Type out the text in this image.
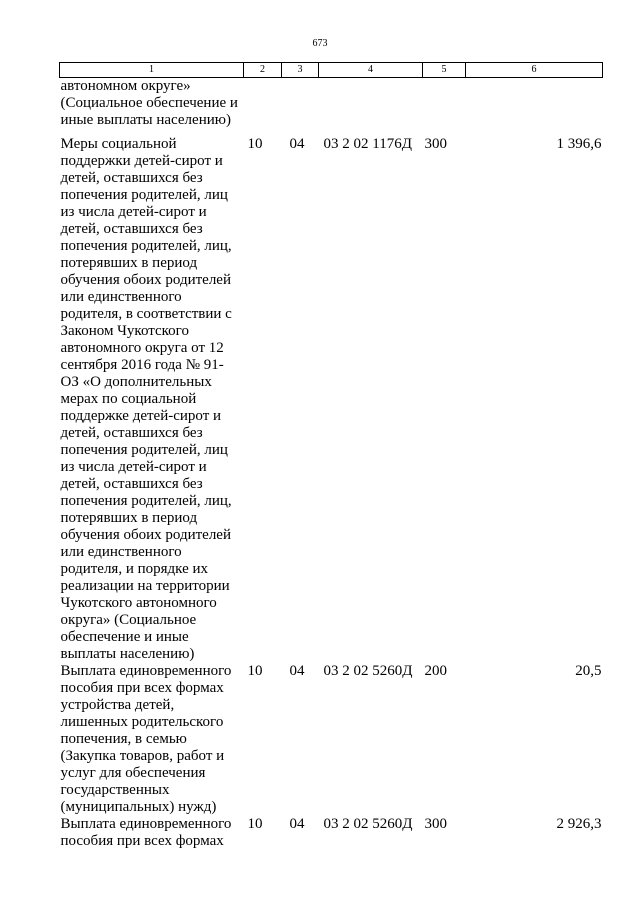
673
1	2	3	4	5	6
автономном округе» (Социальное обеспечение и иные выплаты населению)					
Меры социальной поддержки детей-сирот и детей, оставшихся без попечения родителей, лиц из числа детей-сирот и детей, оставшихся без попечения родителей, лиц, потерявших в период обучения обоих родителей или единственного родителя, в соответствии с Законом Чукотского автономного округа от 12 сентября 2016 года № 91-ОЗ «О дополнительных мерах по социальной поддержке детей-сирот и детей, оставшихся без попечения родителей, лиц из числа детей-сирот и детей, оставшихся без попечения родителей, лиц, потерявших в период обучения обоих родителей или единственного родителя, и порядке их реализации на территории Чукотского автономного округа» (Социальное обеспечение и иные выплаты населению)	10	04	03 2 02 1176Д	300	1 396,6
Выплата единовременного пособия при всех формах устройства детей, лишенных родительского попечения, в семью (Закупка товаров, работ и услуг для обеспечения государственных (муниципальных) нужд)	10	04	03 2 02 5260Д	200	20,5
Выплата единовременного пособия при всех формах	10	04	03 2 02 5260Д	300	2 926,3
